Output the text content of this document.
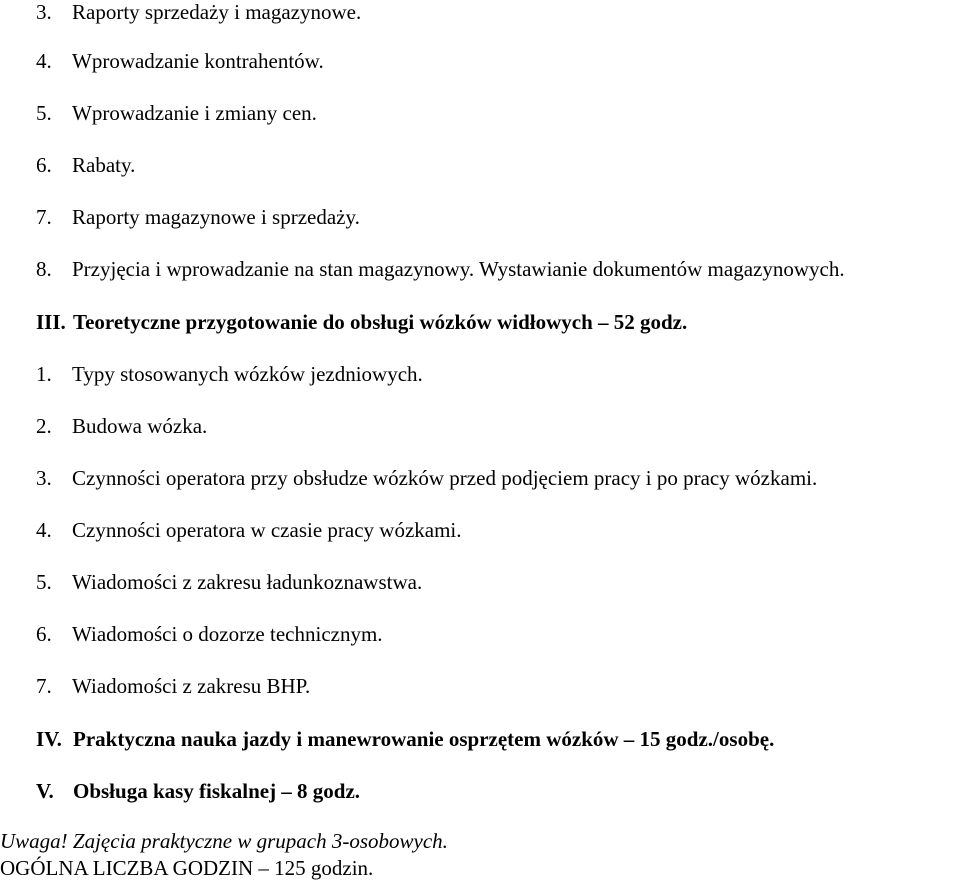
3. Raporty sprzedaży i magazynowe.
4. Wprowadzanie kontrahentów.
5. Wprowadzanie i zmiany cen.
6. Rabaty.
7. Raporty magazynowe i sprzedaży.
8. Przyjęcia i wprowadzanie na stan magazynowy. Wystawianie dokumentów magazynowych.
III. Teoretyczne przygotowanie do obsługi wózków widłowych – 52 godz.
1. Typy stosowanych wózków jezdniowych.
2. Budowa wózka.
3. Czynności operatora przy obsłudze wózków przed podjęciem pracy i po pracy wózkami.
4. Czynności operatora w czasie pracy wózkami.
5. Wiadomości z zakresu ładunkoznawstwa.
6. Wiadomości o dozorze technicznym.
7. Wiadomości z zakresu BHP.
IV. Praktyczna nauka jazdy i manewrowanie osprzętem wózków – 15 godz./osobę.
V. Obsługa kasy fiskalnej – 8 godz.
Uwaga! Zajęcia praktyczne w grupach 3-osobowych.
OGÓLNA LICZBA GODZIN – 125 godzin.
